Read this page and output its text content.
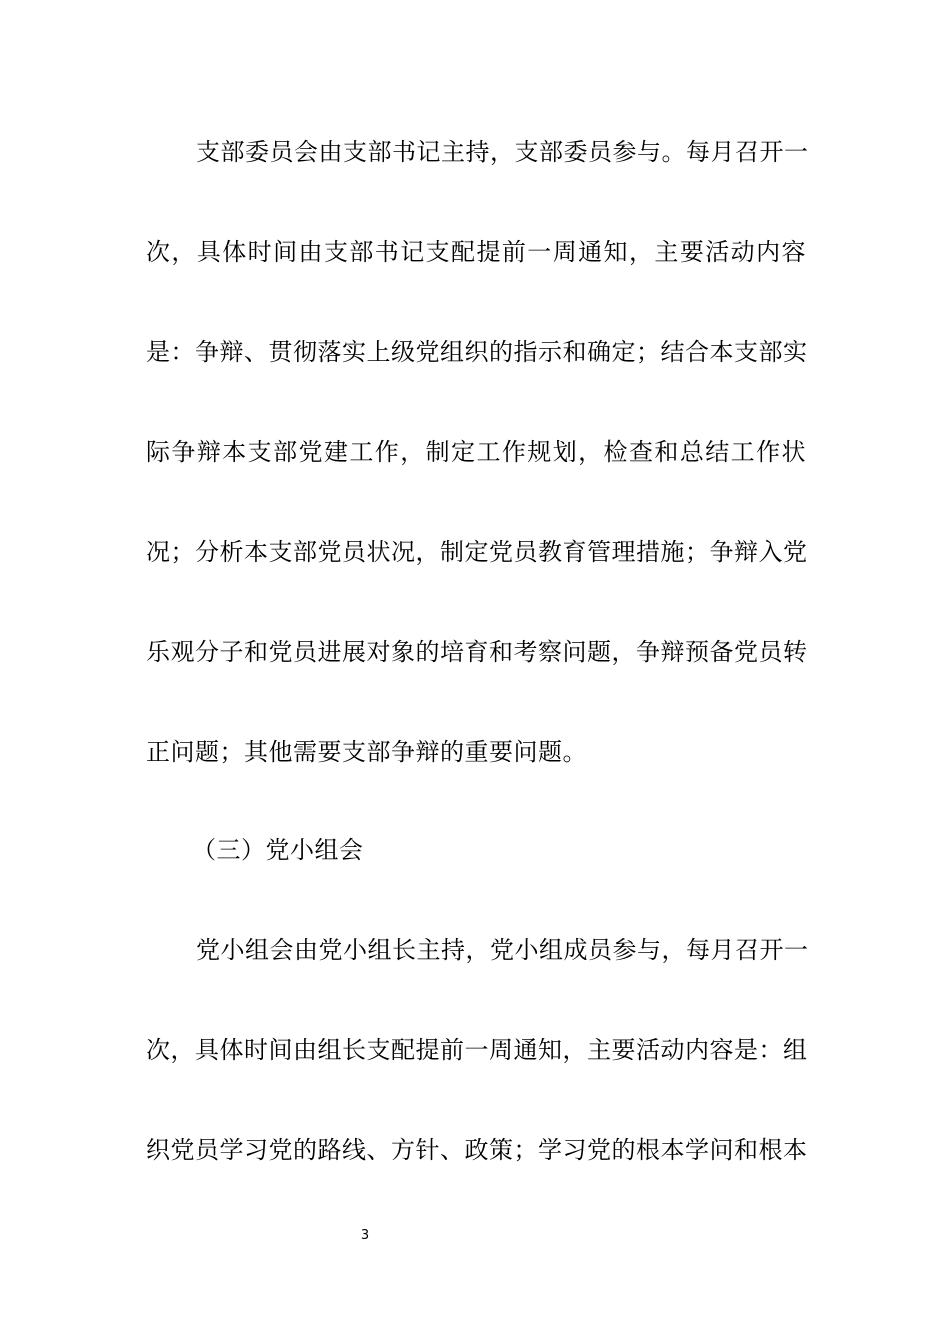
支部委员会由支部书记主持，支部委员参与。每月召开一
次，具体时间由支部书记支配提前一周通知，主要活动内容
是：争辩、贯彻落实上级党组织的指示和确定；结合本支部实
际争辩本支部党建工作，制定工作规划，检查和总结工作状
况；分析本支部党员状况，制定党员教育管理措施；争辩入党
乐观分子和党员进展对象的培育和考察问题，争辩预备党员转
正问题；其他需要支部争辩的重要问题。
（三）党小组会
党小组会由党小组长主持，党小组成员参与，每月召开一
次，具体时间由组长支配提前一周通知，主要活动内容是：组
织党员学习党的路线、方针、政策；学习党的根本学问和根本
3
